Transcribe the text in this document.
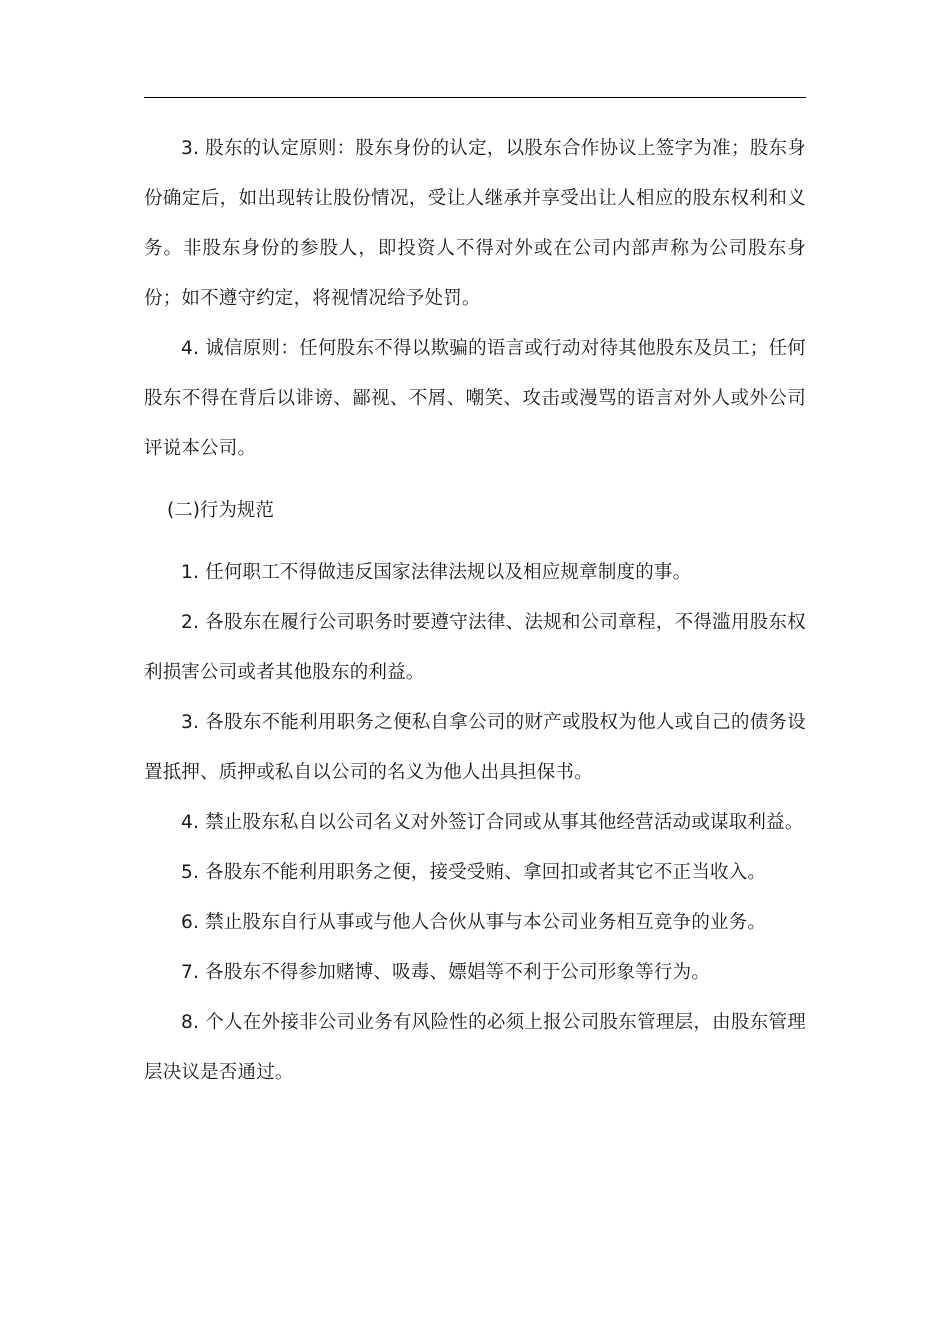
3. 股东的认定原则：股东身份的认定，以股东合作协议上签字为准；股东身份确定后，如出现转让股份情况，受让人继承并享受出让人相应的股东权利和义务。非股东身份的参股人，即投资人不得对外或在公司内部声称为公司股东身份；如不遵守约定，将视情况给予处罚。

4. 诚信原则：任何股东不得以欺骗的语言或行动对待其他股东及员工；任何股东不得在背后以诽谤、鄙视、不屑、嘲笑、攻击或漫骂的语言对外人或外公司评说本公司。

(二)行为规范

1. 任何职工不得做违反国家法律法规以及相应规章制度的事。

2. 各股东在履行公司职务时要遵守法律、法规和公司章程，不得滥用股东权利损害公司或者其他股东的利益。

3. 各股东不能利用职务之便私自拿公司的财产或股权为他人或自己的债务设置抵押、质押或私自以公司的名义为他人出具担保书。

4. 禁止股东私自以公司名义对外签订合同或从事其他经营活动或谋取利益。

5. 各股东不能利用职务之便，接受受贿、拿回扣或者其它不正当收入。

6. 禁止股东自行从事或与他人合伙从事与本公司业务相互竞争的业务。

7. 各股东不得参加赌博、吸毒、嫖娼等不利于公司形象等行为。

8. 个人在外接非公司业务有风险性的必须上报公司股东管理层，由股东管理层决议是否通过。
